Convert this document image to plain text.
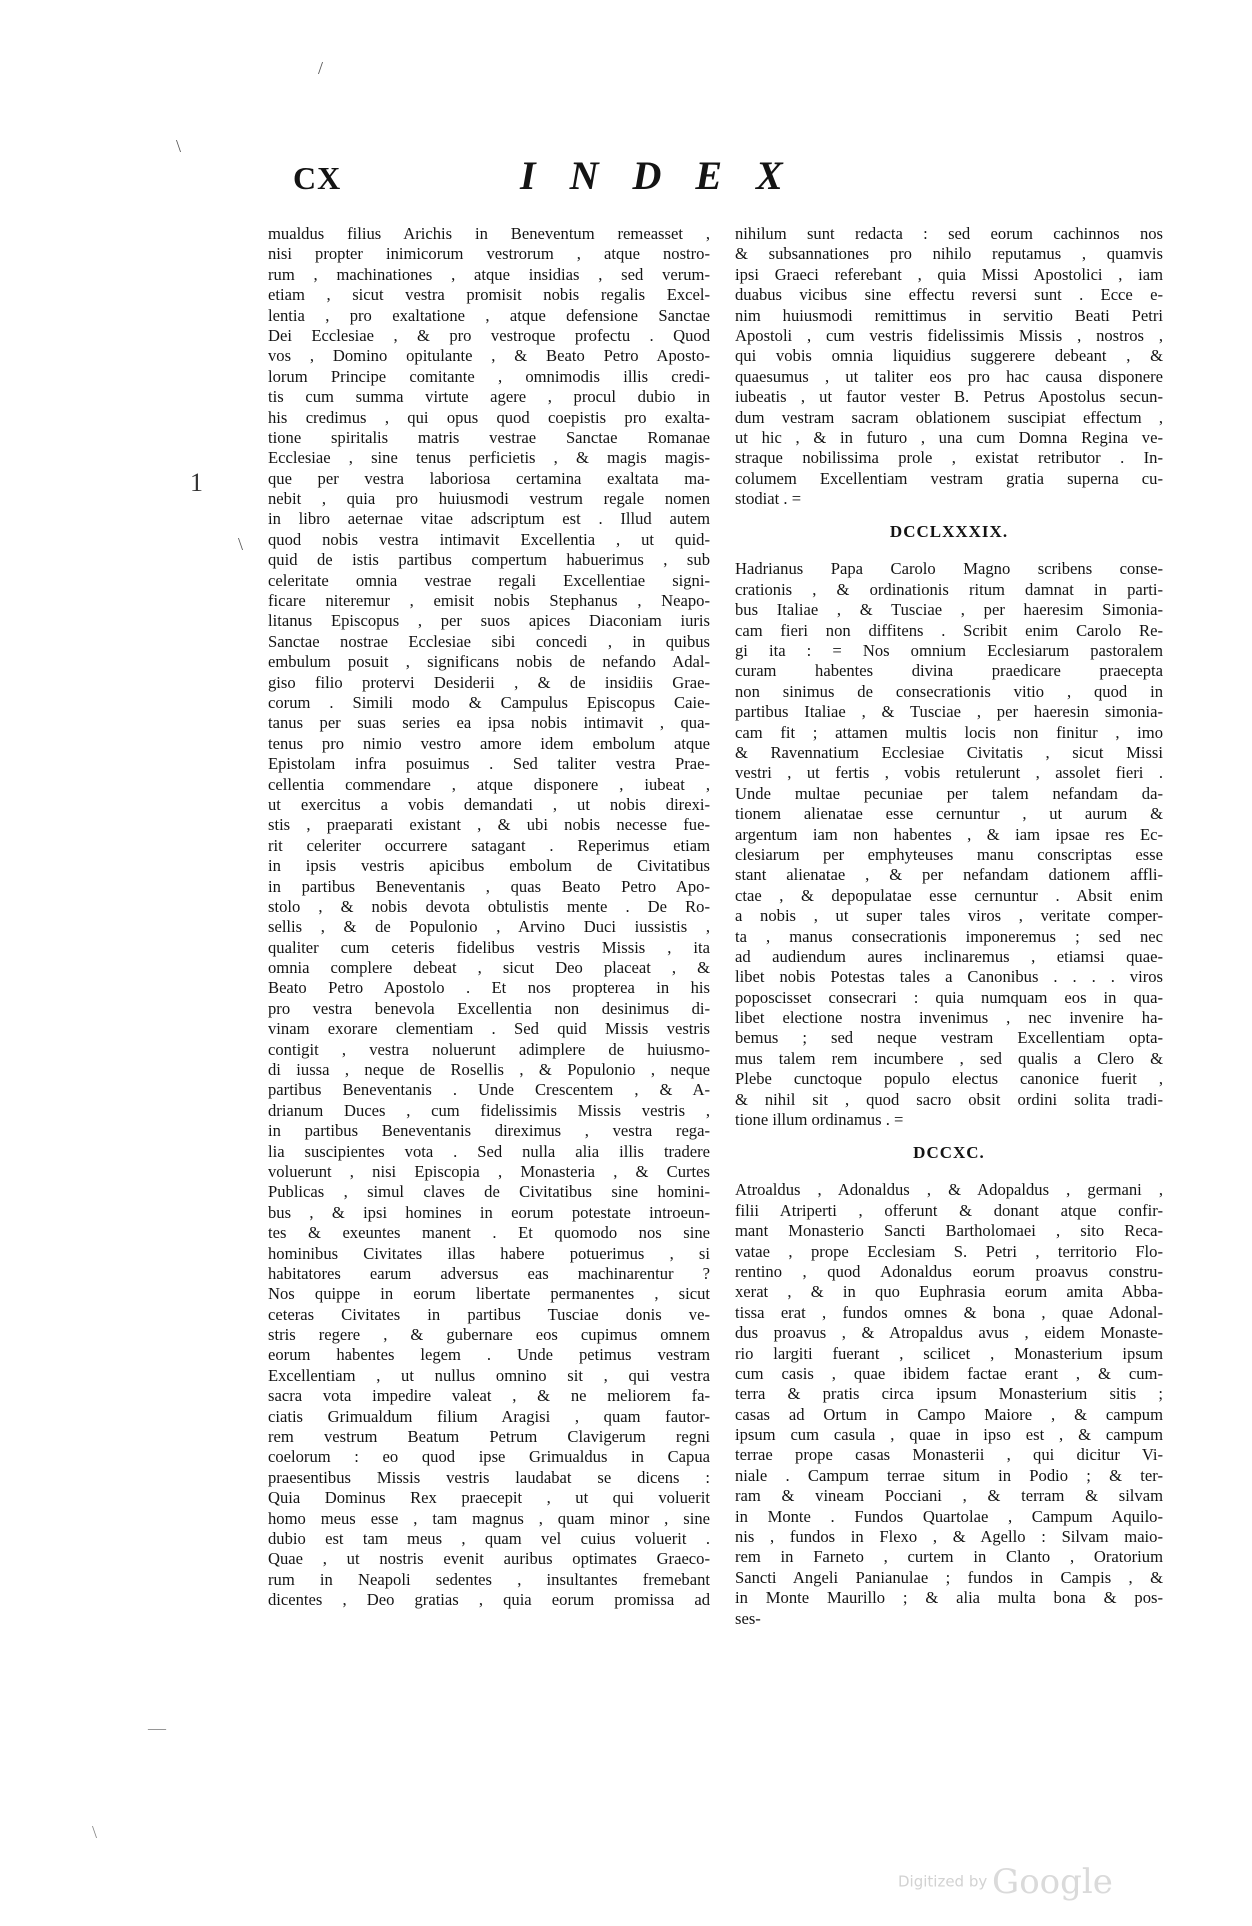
CX	INDEX
/
\
1
\
—
\
mualdus filius Arichis in Beneventum remeasset ,
nisi propter inimicorum vestrorum , atque nostro-
rum , machinationes , atque insidias , sed verum-
etiam , sicut vestra promisit nobis regalis Excel-
lentia , pro exaltatione , atque defensione Sanctae
Dei Ecclesiae , & pro vestroque profectu . Quod
vos , Domino opitulante , & Beato Petro Aposto-
lorum Principe comitante , omnimodis illis credi-
tis cum summa virtute agere , procul dubio in
his credimus , qui opus quod coepistis pro exalta-
tione spiritalis matris vestrae Sanctae Romanae
Ecclesiae , sine tenus perficietis , & magis magis-
que per vestra laboriosa certamina exaltata ma-
nebit , quia pro huiusmodi vestrum regale nomen
in libro aeternae vitae adscriptum est . Illud autem
quod nobis vestra intimavit Excellentia , ut quid-
quid de istis partibus compertum habuerimus , sub
celeritate omnia vestrae regali Excellentiae signi-
ficare niteremur , emisit nobis Stephanus , Neapo-
litanus Episcopus , per suos apices Diaconiam iuris
Sanctae nostrae Ecclesiae sibi concedi , in quibus
embulum posuit , significans nobis de nefando Adal-
giso filio protervi Desiderii , & de insidiis Grae-
corum . Simili modo & Campulus Episcopus Caie-
tanus per suas series ea ipsa nobis intimavit , qua-
tenus pro nimio vestro amore idem embolum atque
Epistolam infra posuimus . Sed taliter vestra Prae-
cellentia commendare , atque disponere , iubeat ,
ut exercitus a vobis demandati , ut nobis direxi-
stis , praeparati existant , & ubi nobis necesse fue-
rit celeriter occurrere satagant . Reperimus etiam
in ipsis vestris apicibus embolum de Civitatibus
in partibus Beneventanis , quas Beato Petro Apo-
stolo , & nobis devota obtulistis mente . De Ro-
sellis , & de Populonio , Arvino Duci iussistis ,
qualiter cum ceteris fidelibus vestris Missis , ita
omnia complere debeat , sicut Deo placeat , &
Beato Petro Apostolo . Et nos propterea in his
pro vestra benevola Excellentia non desinimus di-
vinam exorare clementiam . Sed quid Missis vestris
contigit , vestra noluerunt adimplere de huiusmo-
di iussa , neque de Rosellis , & Populonio , neque
partibus Beneventanis . Unde Crescentem , & A-
drianum Duces , cum fidelissimis Missis vestris ,
in partibus Beneventanis direximus , vestra rega-
lia suscipientes vota . Sed nulla alia illis tradere
voluerunt , nisi Episcopia , Monasteria , & Curtes
Publicas , simul claves de Civitatibus sine homini-
bus , & ipsi homines in eorum potestate introeun-
tes & exeuntes manent . Et quomodo nos sine
hominibus Civitates illas habere potuerimus , si
habitatores earum adversus eas machinarentur ?
Nos quippe in eorum libertate permanentes , sicut
ceteras Civitates in partibus Tusciae donis ve-
stris regere , & gubernare eos cupimus omnem
eorum habentes legem . Unde petimus vestram
Excellentiam , ut nullus omnino sit , qui vestra
sacra vota impedire valeat , & ne meliorem fa-
ciatis Grimualdum filium Aragisi , quam fautor-
rem vestrum Beatum Petrum Clavigerum regni
coelorum : eo quod ipse Grimualdus in Capua
praesentibus Missis vestris laudabat se dicens :
Quia Dominus Rex praecepit , ut qui voluerit
homo meus esse , tam magnus , quam minor , sine
dubio est tam meus , quam vel cuius voluerit .
Quae , ut nostris evenit auribus optimates Graeco-
rum in Neapoli sedentes , insultantes fremebant
dicentes , Deo gratias , quia eorum promissa ad
nihilum sunt redacta : sed eorum cachinnos nos
& subsannationes pro nihilo reputamus , quamvis
ipsi Graeci referebant , quia Missi Apostolici , iam
duabus vicibus sine effectu reversi sunt . Ecce e-
nim huiusmodi remittimus in servitio Beati Petri
Apostoli , cum vestris fidelissimis Missis , nostros ,
qui vobis omnia liquidius suggerere debeant , &
quaesumus , ut taliter eos pro hac causa disponere
iubeatis , ut fautor vester B. Petrus Apostolus secun-
dum vestram sacram oblationem suscipiat effectum ,
ut hic , & in futuro , una cum Domna Regina ve-
straque nobilissima prole , existat retributor . In-
columem Excellentiam vestram gratia superna cu-
stodiat . =
DCCLXXXIX.
Hadrianus Papa Carolo Magno scribens conse-
crationis , & ordinationis ritum damnat in parti-
bus Italiae , & Tusciae , per haeresim Simonia-
cam fieri non diffitens . Scribit enim Carolo Re-
gi ita : = Nos omnium Ecclesiarum pastoralem
curam habentes divina praedicare praecepta
non sinimus de consecrationis vitio , quod in
partibus Italiae , & Tusciae , per haeresin simonia-
cam fit ; attamen multis locis non finitur , imo
& Ravennatium Ecclesiae Civitatis , sicut Missi
vestri , ut fertis , vobis retulerunt , assolet fieri .
Unde multae pecuniae per talem nefandam da-
tionem alienatae esse cernuntur , ut aurum &
argentum iam non habentes , & iam ipsae res Ec-
clesiarum per emphyteuses manu conscriptas esse
stant alienatae , & per nefandam dationem affli-
ctae , & depopulatae esse cernuntur . Absit enim
a nobis , ut super tales viros , veritate comper-
ta , manus consecrationis imponeremus ; sed nec
ad audiendum aures inclinaremus , etiamsi quae-
libet nobis Potestas tales a Canonibus . . . . viros
poposcisset consecrari : quia numquam eos in qua-
libet electione nostra invenimus , nec invenire ha-
bemus ; sed neque vestram Excellentiam opta-
mus talem rem incumbere , sed qualis a Clero &
Plebe cunctoque populo electus canonice fuerit ,
& nihil sit , quod sacro obsit ordini solita tradi-
tione illum ordinamus . =
DCCXC.
Atroaldus , Adonaldus , & Adopaldus , germani ,
filii Atriperti , offerunt & donant atque confir-
mant Monasterio Sancti Bartholomaei , sito Reca-
vatae , prope Ecclesiam S. Petri , territorio Flo-
rentino , quod Adonaldus eorum proavus constru-
xerat , & in quo Euphrasia eorum amita Abba-
tissa erat , fundos omnes & bona , quae Adonal-
dus proavus , & Atropaldus avus , eidem Monaste-
rio largiti fuerant , scilicet , Monasterium ipsum
cum casis , quae ibidem factae erant , & cum-
terra & pratis circa ipsum Monasterium sitis ;
casas ad Ortum in Campo Maiore , & campum
ipsum cum casula , quae in ipso est , & campum
terrae prope casas Monasterii , qui dicitur Vi-
niale . Campum terrae situm in Podio ; & ter-
ram & vineam Pocciani , & terram & silvam
in Monte . Fundos Quartolae , Campum Aquilo-
nis , fundos in Flexo , & Agello : Silvam maio-
rem in Farneto , curtem in Clanto , Oratorium
Sancti Angeli Panianulae ; fundos in Campis , &
in Monte Maurillo ; & alia multa bona & pos-
ses-
Digitized by Google
